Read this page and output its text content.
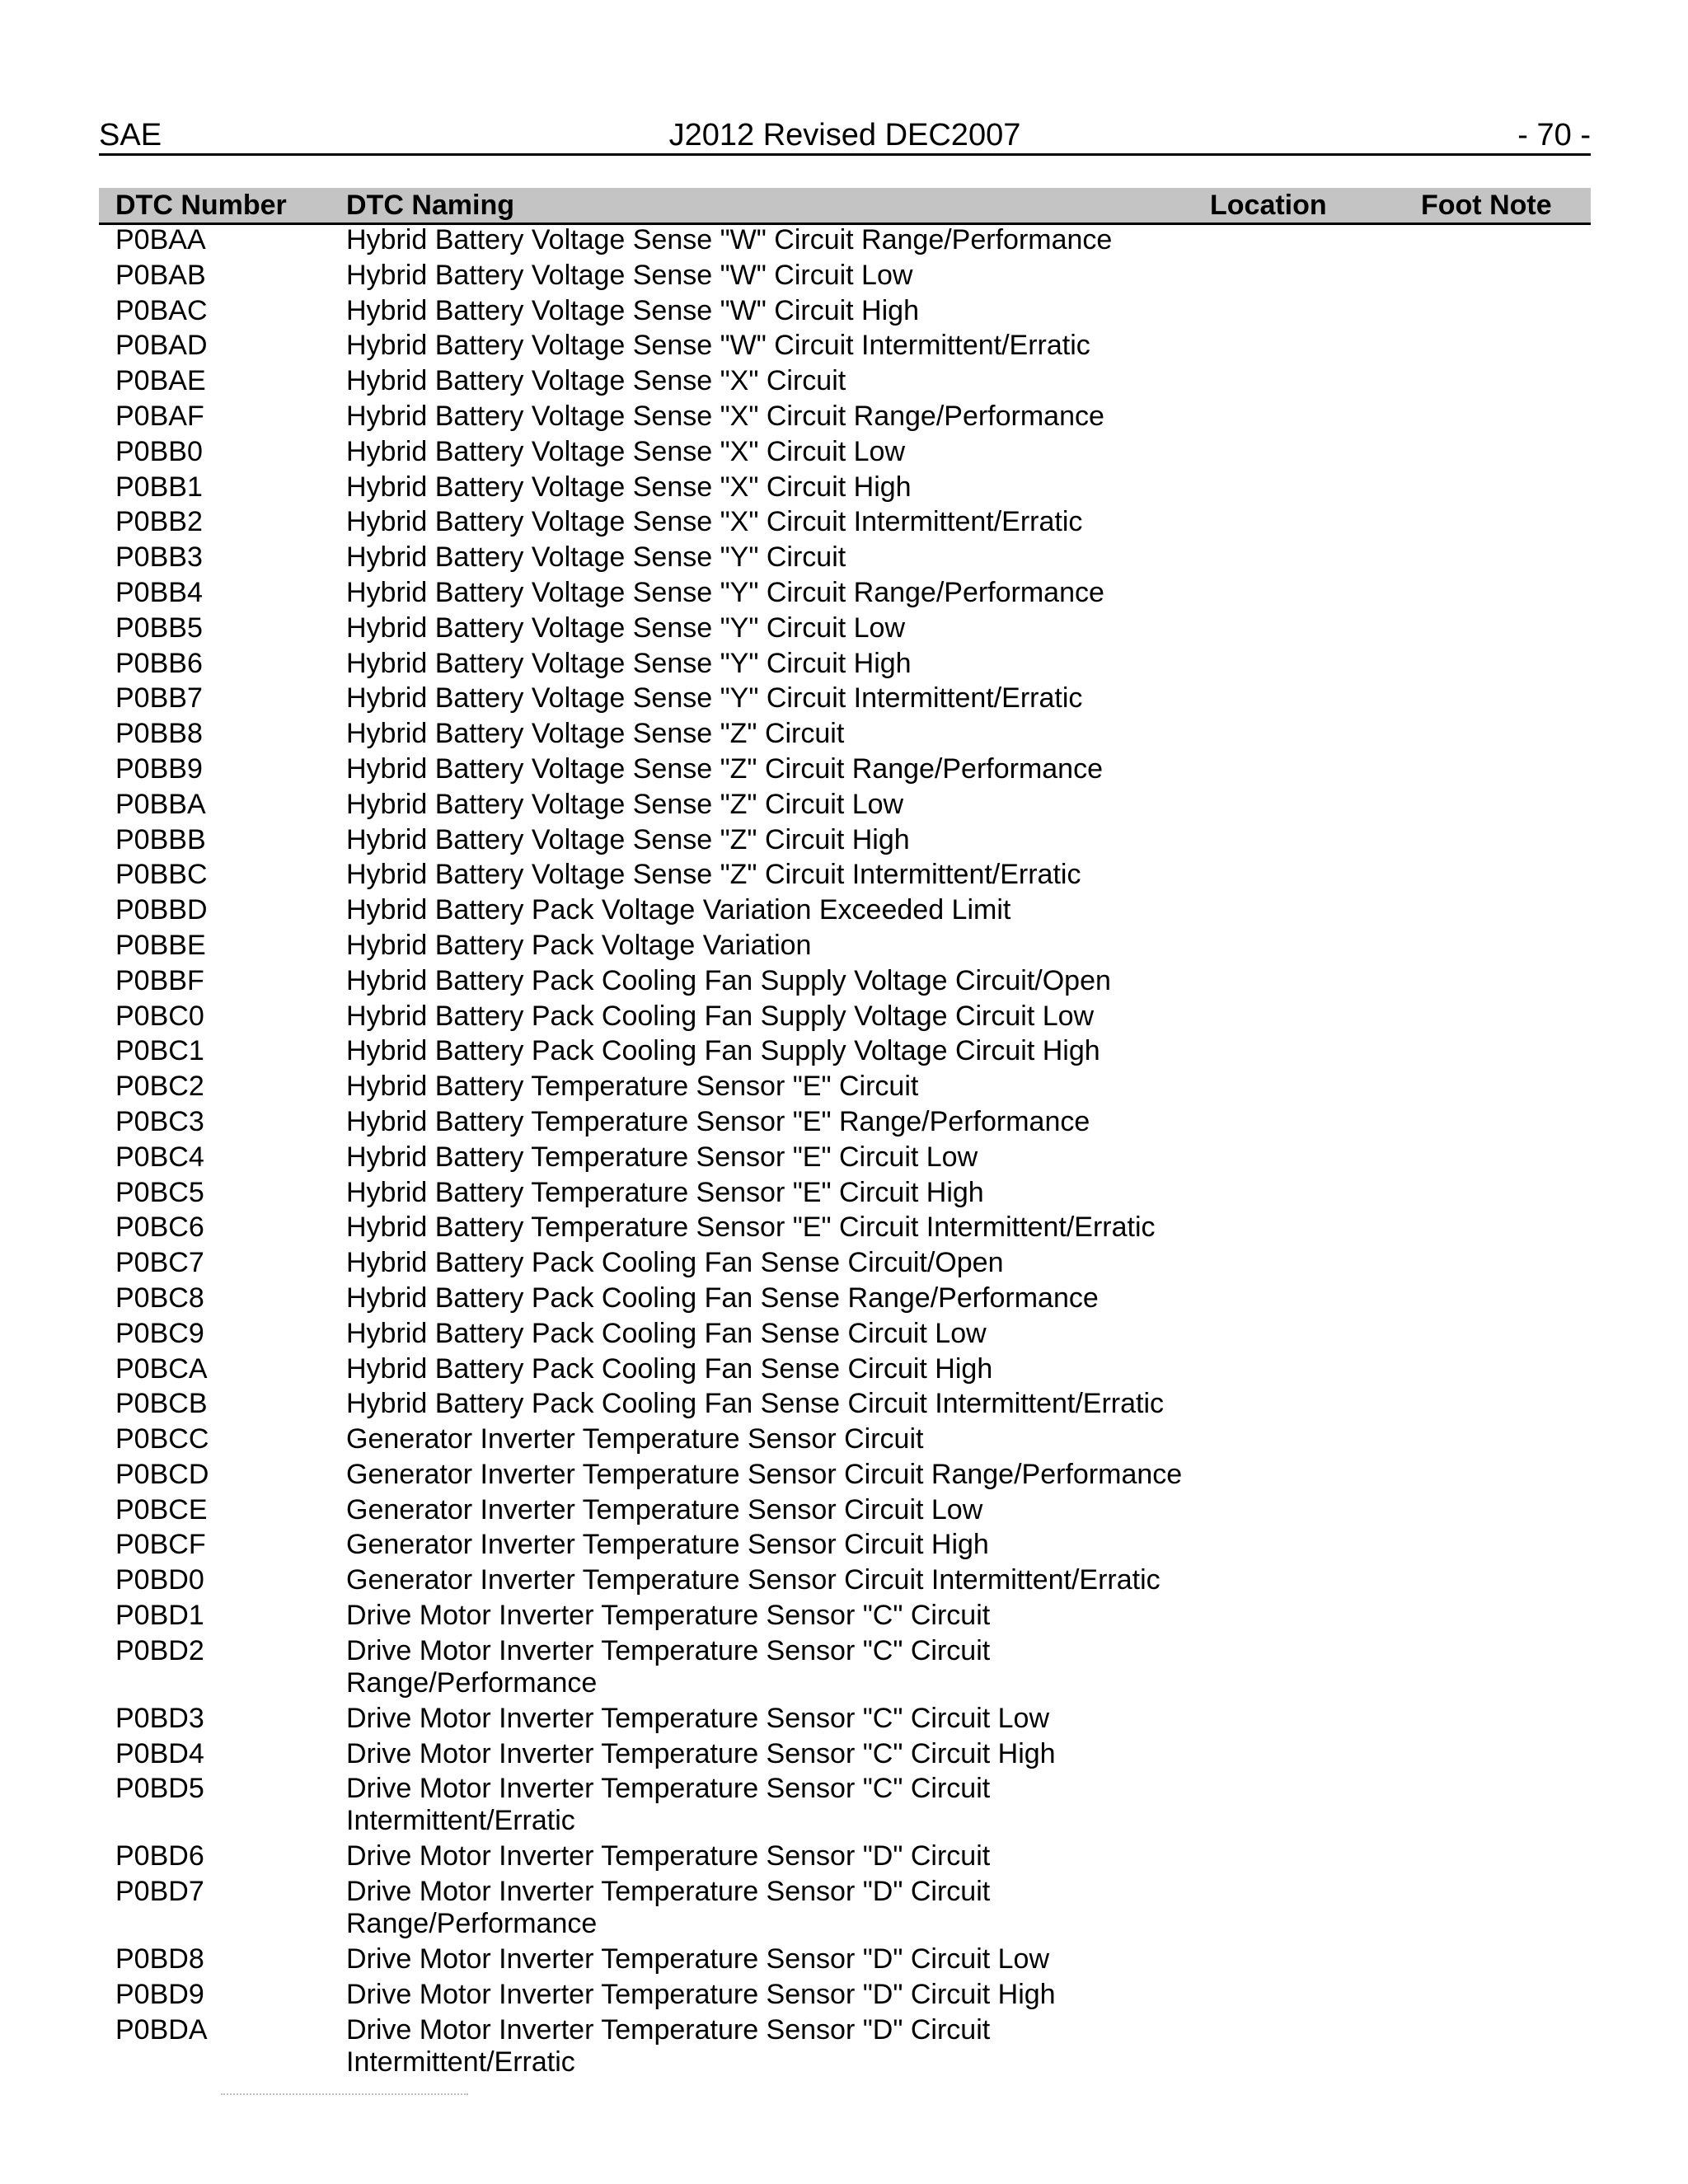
SAE	J2012 Revised DEC2007	- 70 -
DTC Number DTC Naming	Location	Foot Note
P0BAA	Hybrid Battery Voltage Sense "W" Circuit Range/Performance
P0BAB	Hybrid Battery Voltage Sense "W" Circuit Low
P0BAC	Hybrid Battery Voltage Sense "W" Circuit High
P0BAD	Hybrid Battery Voltage Sense "W" Circuit Intermittent/Erratic
P0BAE	Hybrid Battery Voltage Sense "X" Circuit
P0BAF	Hybrid Battery Voltage Sense "X" Circuit Range/Performance
P0BB0	Hybrid Battery Voltage Sense "X" Circuit Low
P0BB1	Hybrid Battery Voltage Sense "X" Circuit High
P0BB2	Hybrid Battery Voltage Sense "X" Circuit Intermittent/Erratic
P0BB3	Hybrid Battery Voltage Sense "Y" Circuit
P0BB4	Hybrid Battery Voltage Sense "Y" Circuit Range/Performance
P0BB5	Hybrid Battery Voltage Sense "Y" Circuit Low
P0BB6	Hybrid Battery Voltage Sense "Y" Circuit High
P0BB7	Hybrid Battery Voltage Sense "Y" Circuit Intermittent/Erratic
P0BB8	Hybrid Battery Voltage Sense "Z" Circuit
P0BB9	Hybrid Battery Voltage Sense "Z" Circuit Range/Performance
P0BBA	Hybrid Battery Voltage Sense "Z" Circuit Low
P0BBB	Hybrid Battery Voltage Sense "Z" Circuit High
P0BBC	Hybrid Battery Voltage Sense "Z" Circuit Intermittent/Erratic
P0BBD	Hybrid Battery Pack Voltage Variation Exceeded Limit
P0BBE	Hybrid Battery Pack Voltage Variation
P0BBF	Hybrid Battery Pack Cooling Fan Supply Voltage Circuit/Open
P0BC0	Hybrid Battery Pack Cooling Fan Supply Voltage Circuit Low
P0BC1	Hybrid Battery Pack Cooling Fan Supply Voltage Circuit High
P0BC2	Hybrid Battery Temperature Sensor "E" Circuit
P0BC3	Hybrid Battery Temperature Sensor "E" Range/Performance
P0BC4	Hybrid Battery Temperature Sensor "E" Circuit Low
P0BC5	Hybrid Battery Temperature Sensor "E" Circuit High
P0BC6	Hybrid Battery Temperature Sensor "E" Circuit Intermittent/Erratic
P0BC7	Hybrid Battery Pack Cooling Fan Sense Circuit/Open
P0BC8	Hybrid Battery Pack Cooling Fan Sense Range/Performance
P0BC9	Hybrid Battery Pack Cooling Fan Sense Circuit Low
P0BCA	Hybrid Battery Pack Cooling Fan Sense Circuit High
P0BCB	Hybrid Battery Pack Cooling Fan Sense Circuit Intermittent/Erratic
P0BCC	Generator Inverter Temperature Sensor Circuit
P0BCD	Generator Inverter Temperature Sensor Circuit Range/Performance
P0BCE	Generator Inverter Temperature Sensor Circuit Low
P0BCF	Generator Inverter Temperature Sensor Circuit High
P0BD0	Generator Inverter Temperature Sensor Circuit Intermittent/Erratic
P0BD1	Drive Motor Inverter Temperature Sensor "C" Circuit
P0BD2	Drive Motor Inverter Temperature Sensor "C" Circuit
Range/Performance
P0BD3	Drive Motor Inverter Temperature Sensor "C" Circuit Low
P0BD4	Drive Motor Inverter Temperature Sensor "C" Circuit High
P0BD5	Drive Motor Inverter Temperature Sensor "C" Circuit
Intermittent/Erratic
P0BD6	Drive Motor Inverter Temperature Sensor "D" Circuit
P0BD7	Drive Motor Inverter Temperature Sensor "D" Circuit
Range/Performance
P0BD8	Drive Motor Inverter Temperature Sensor "D" Circuit Low
P0BD9	Drive Motor Inverter Temperature Sensor "D" Circuit High
P0BDA	Drive Motor Inverter Temperature Sensor "D" Circuit
Intermittent/Erratic
